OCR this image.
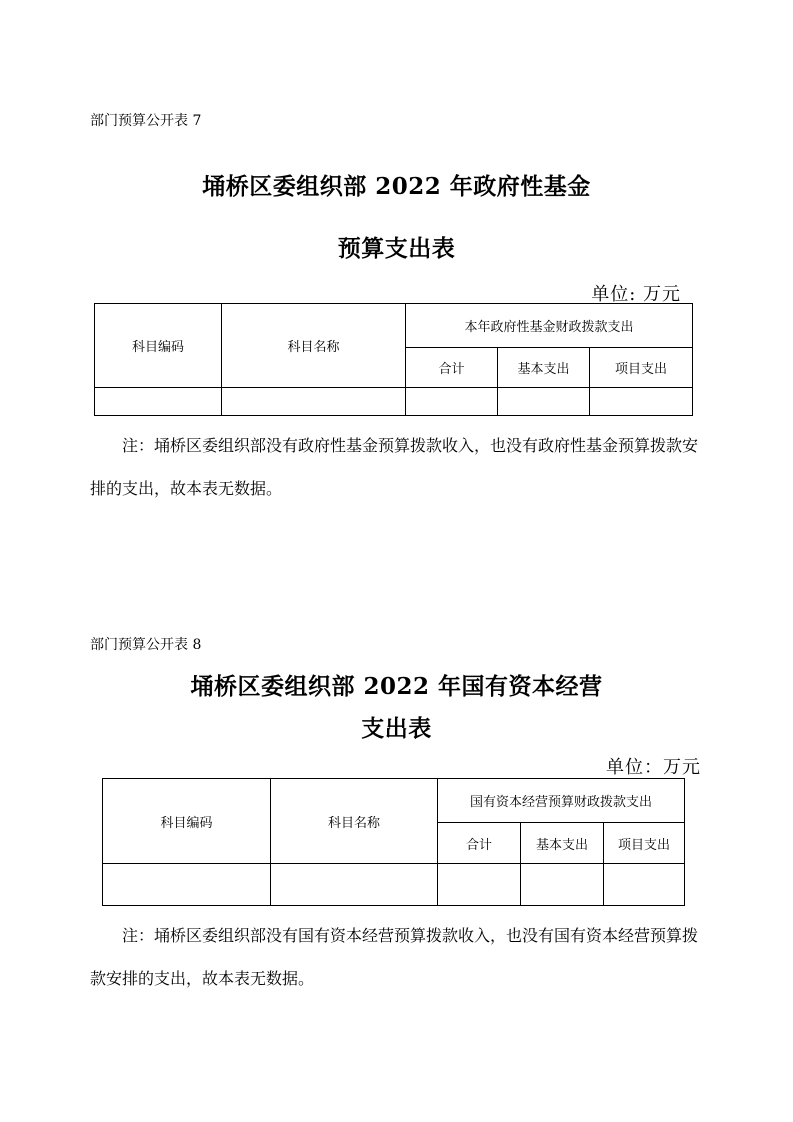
部门预算公开表 7
埇桥区委组织部 2022 年政府性基金
预算支出表
单位: 万元
科目编码	科目名称	本年政府性基金财政拨款支出		
		合计	基本支出	项目支出

注：埇桥区委组织部没有政府性基金预算拨款收入，也没有政府性基金预算拨款安排的支出，故本表无数据。
部门预算公开表 8
埇桥区委组织部 2022 年国有资本经营
支出表
单位：万元
科目编码	科目名称	国有资本经营预算财政拨款支出		
		合计	基本支出	项目支出

注：埇桥区委组织部没有国有资本经营预算拨款收入，也没有国有资本经营预算拨款安排的支出，故本表无数据。
